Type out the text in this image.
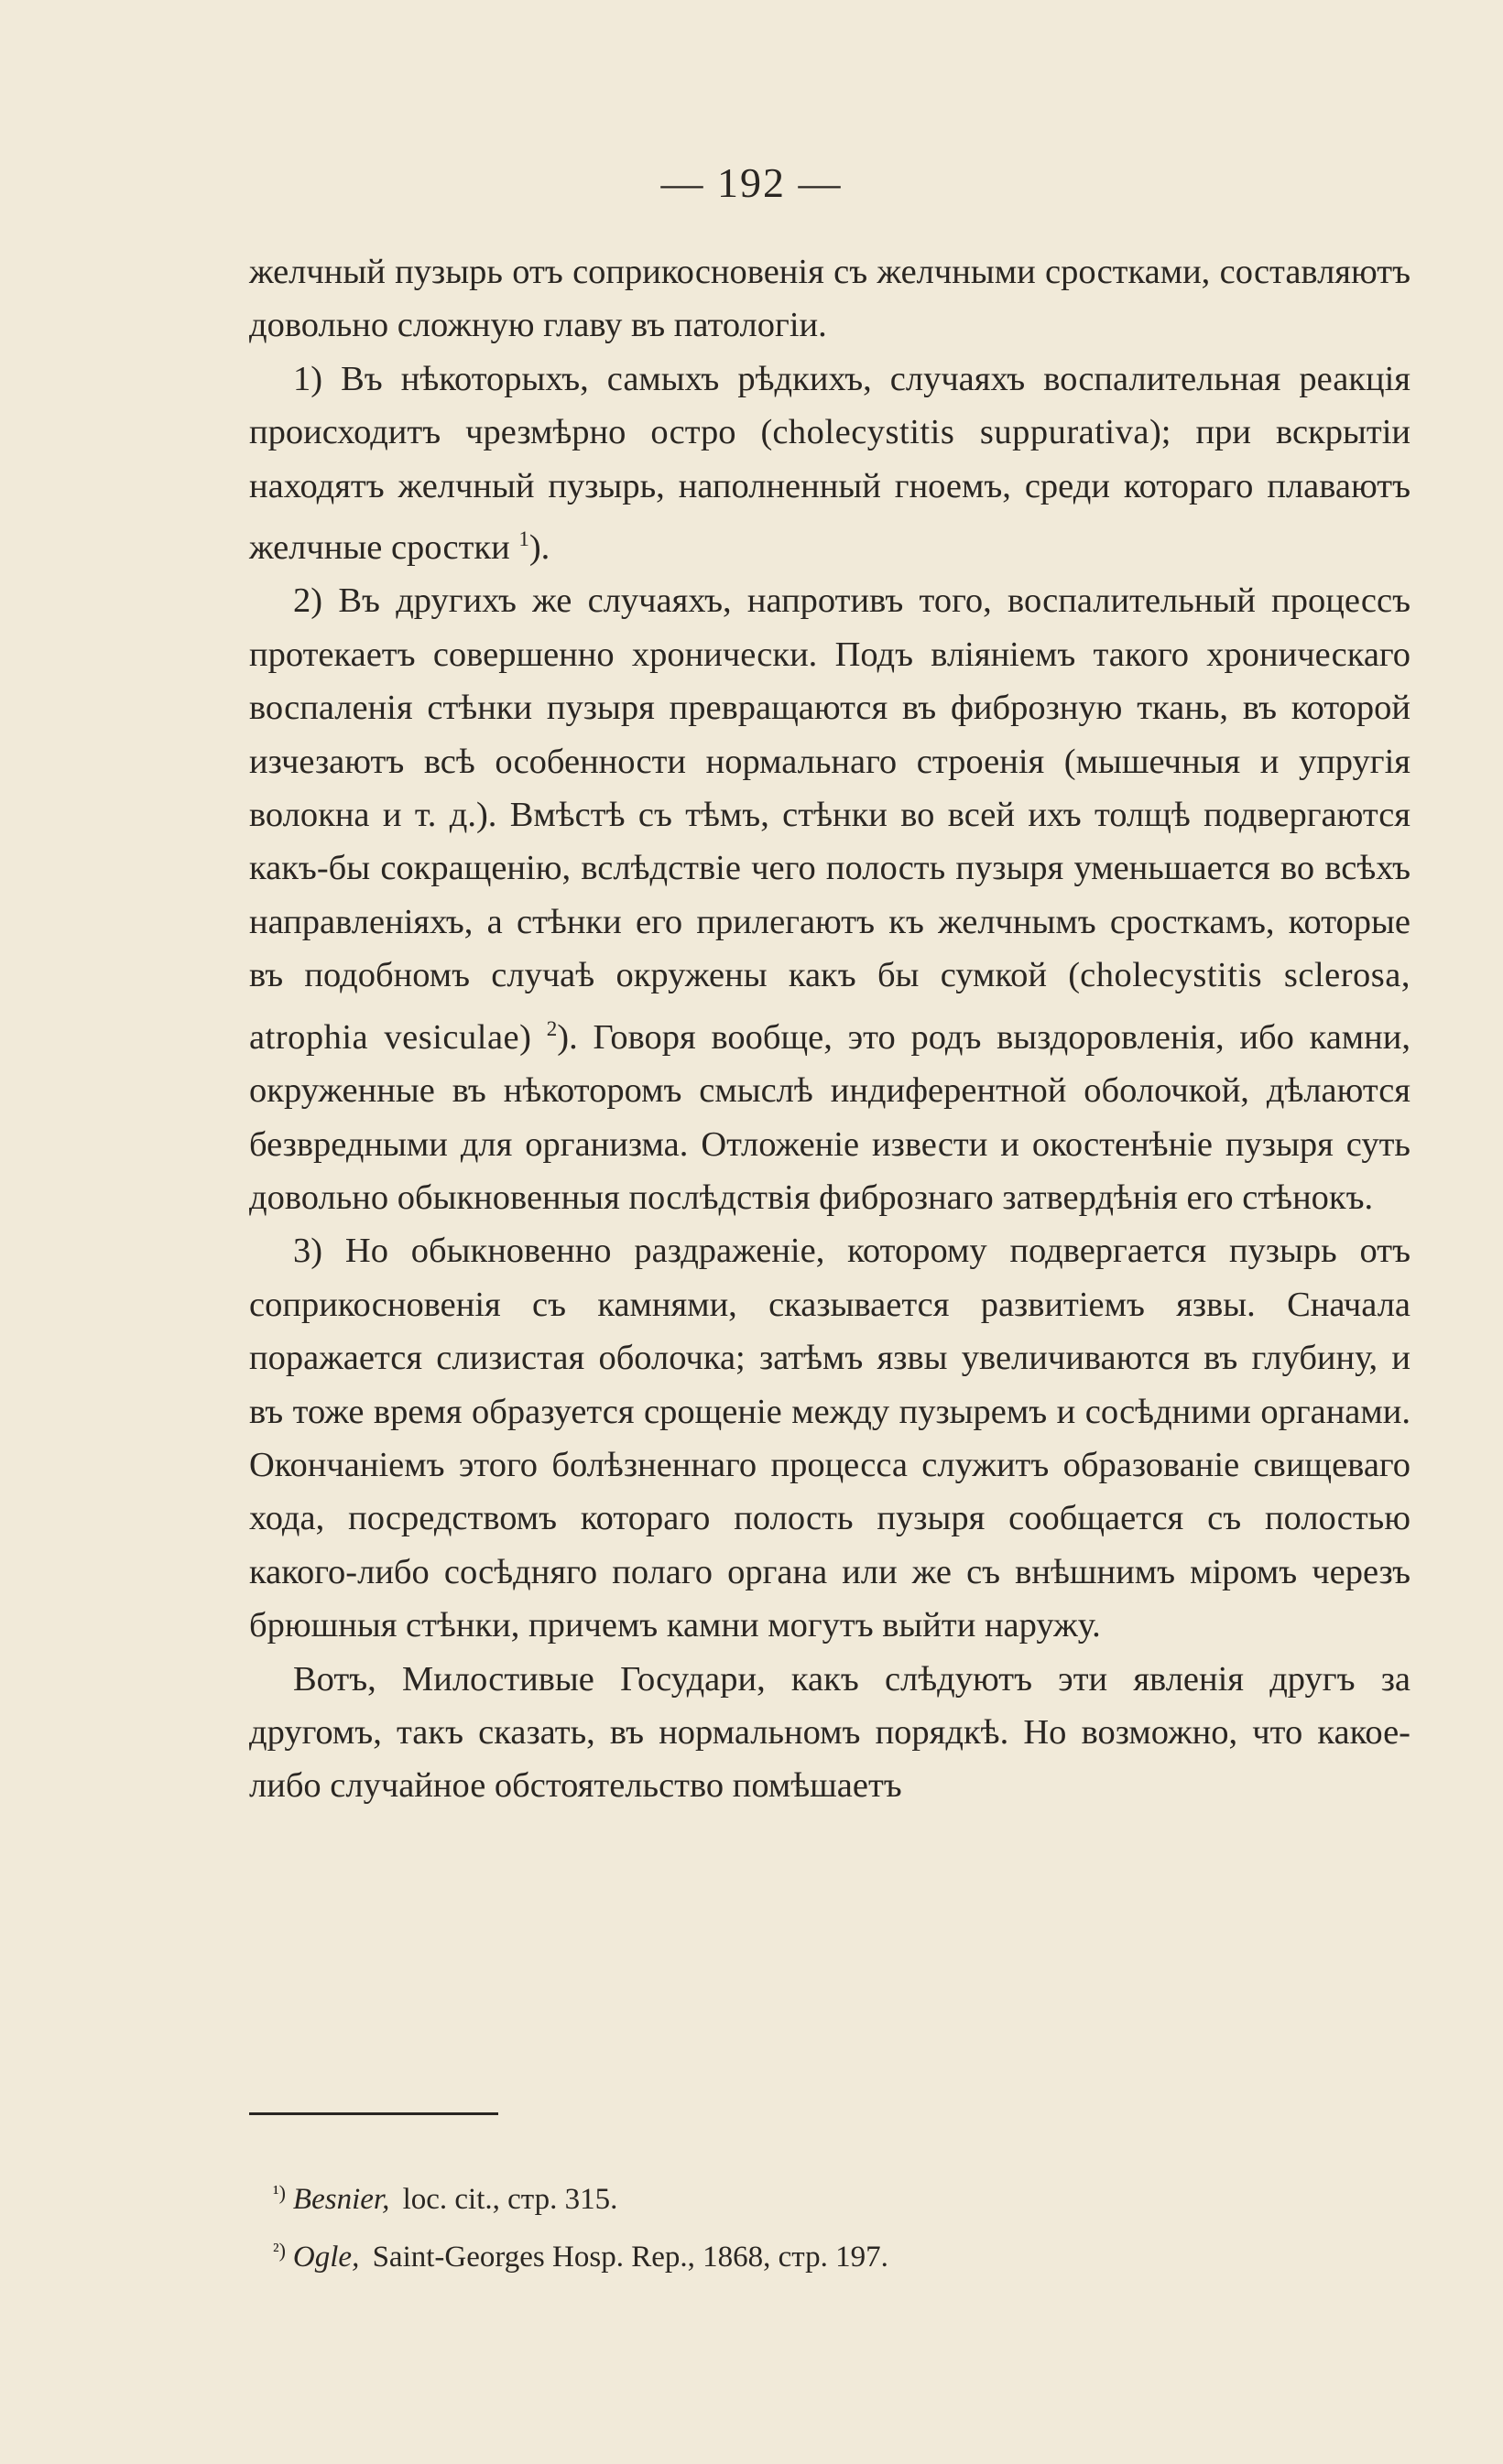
— 192 —

желчный пузырь отъ соприкосновенія съ желчными сростками, составляютъ довольно сложную главу въ патологіи.

1) Въ нѣкоторыхъ, самыхъ рѣдкихъ, случаяхъ воспалительная реакція происходитъ чрезмѣрно остро (cholecystitis suppurativa); при вскрытіи находятъ желчный пузырь, наполненный гноемъ, среди котораго плаваютъ желчные сростки $^1$).

2) Въ другихъ же случаяхъ, напротивъ того, воспалительный процессъ протекаетъ совершенно хронически. Подъ вліяніемъ такого хроническаго воспаленія стѣнки пузыря превращаются въ фиброзную ткань, въ которой изчезаютъ всѣ особенности нормальнаго строенія (мышечныя и упругія волокна и т. д.). Вмѣстѣ съ тѣмъ, стѣнки во всей ихъ толщѣ подвергаются какъ-бы сокращенію, вслѣдствіе чего полость пузыря уменьшается во всѣхъ направленіяхъ, а стѣнки его прилегаютъ къ желчнымъ сросткамъ, которые въ подобномъ случаѣ окружены какъ бы сумкой (cholecystitis sclerosa, atrophia vesiculae) $^2$). Говоря вообще, это родъ выздоровленія, ибо камни, окруженные въ нѣкоторомъ смыслѣ индиферентной оболочкой, дѣлаются безвредными для организма. Отложеніе извести и окостенѣніе пузыря суть довольно обыкновенныя послѣдствія фибрознаго затвердѣнія его стѣнокъ.

3) Но обыкновенно раздраженіе, которому подвергается пузырь отъ соприкосновенія съ камнями, сказывается развитіемъ язвы. Сначала поражается слизистая оболочка; затѣмъ язвы увеличиваются въ глубину, и въ тоже время образуется срощеніе между пузыремъ и сосѣдними органами. Окончаніемъ этого болѣзненнаго процесса служитъ образованіе свищеваго хода, посредствомъ котораго полость пузыря сообщается съ полостью какого-либо сосѣдняго полаго органа или же съ внѣшнимъ міромъ черезъ брюшныя стѣнки, причемъ камни могутъ выйти наружу.

Вотъ, Милостивые Государи, какъ слѣдуютъ эти явленія другъ за другомъ, такъ сказать, въ нормальномъ порядкѣ. Но возможно, что какое-либо случайное обстоятельство помѣшаетъ

$^{^1)}$ Besnier, loc. cit., стр. 315.
$^{^2)}$ Ogle, Saint-Georges Hosp. Rep., 1868, стр. 197.
